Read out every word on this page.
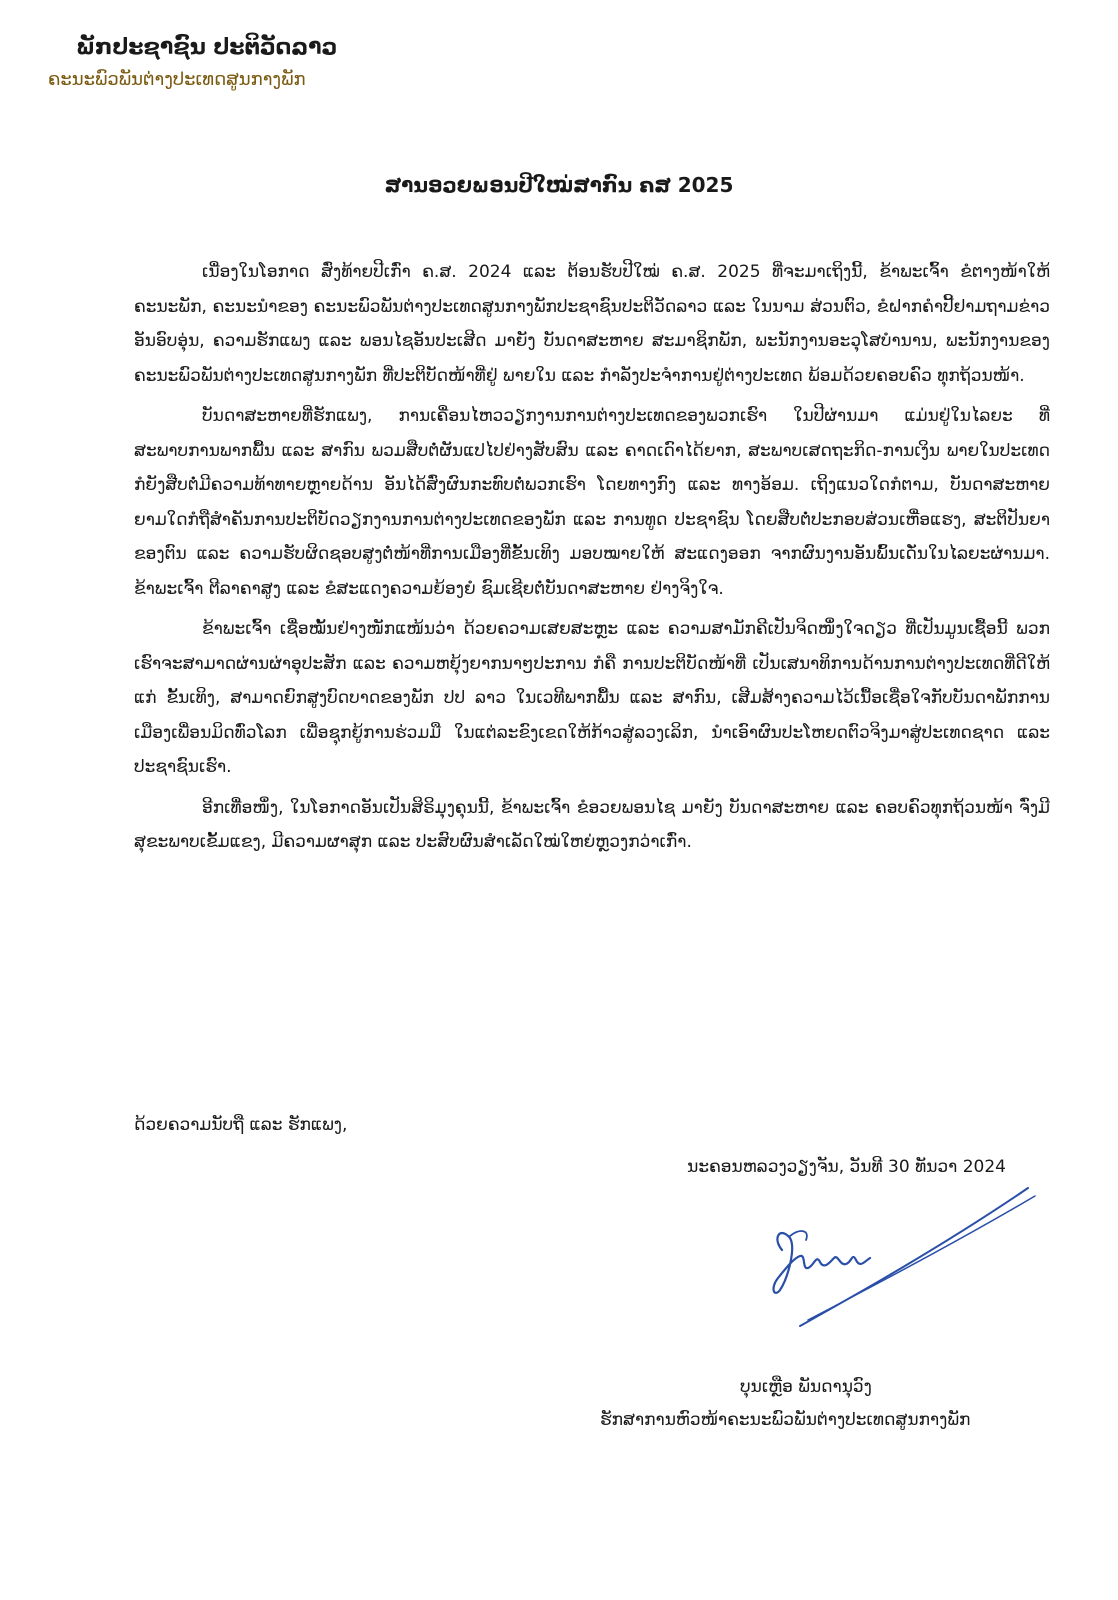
ພັກປະຊາຊົນ ປະຕິວັດລາວ
ຄະນະພົວພັນຕ່າງປະເທດສູນກາງພັກ
ສານອວຍພອນປີໃໝ່ສາກົນ ຄສ 2025

ເນື່ອງໃນໂອກາດ ສົ່ງທ້າຍປີເກົ່າ ຄ.ສ. 2024 ແລະ ຕ້ອນຮັບປີໃໝ່ ຄ.ສ. 2025 ທີ່ຈະມາເຖິງນີ້, ຂ້າພະເຈົ້າ ຂໍຕາງໜ້າໃຫ້ຄະນະພັກ, ຄະນະນຳຂອງ ຄະນະພົວພັນຕ່າງປະເທດສູນກາງພັກປະຊາຊົນປະຕິວັດລາວ ແລະ ໃນນາມ ສ່ວນຕົວ, ຂໍຝາກຄຳປີ້ຢາມຖາມຂ່າວອັນອົບອຸ່ນ, ຄວາມຮັກແພງ ແລະ ພອນໄຊອັນປະເສີດ ມາຍັງ ບັນດາສະຫາຍ ສະມາຊິກພັກ, ພະນັກງານອະວຸໂສບໍານານ, ພະນັກງານຂອງຄະນະພົວພັນຕ່າງປະເທດສູນກາງພັກ ທີ່ປະຕິບັດໜ້າທີ່ຢູ່ ພາຍໃນ ແລະ ກຳລັງປະຈຳການຢູ່ຕ່າງປະເທດ ພ້ອມດ້ວຍຄອບຄົວ ທຸກຖ້ວນໜ້າ.

ບັນດາສະຫາຍທີ່ຮັກແພງ, ການເຄື່ອນໄຫວວຽກງານການຕ່າງປະເທດຂອງພວກເຮົາ ໃນປີຜ່ານມາ ແມ່ນຢູ່ໃນໄລຍະ ທີ່ສະພາບການພາກພື້ນ ແລະ ສາກົນ ພວມສືບຕໍ່ຜັນແປໄປຢ່າງສັບສົນ ແລະ ຄາດເດົາໄດ້ຍາກ, ສະພາບເສດຖະກິດ-ການເງິນ ພາຍໃນປະເທດ ກໍຍັງສືບຕໍ່ມີຄວາມທ້າທາຍຫຼາຍດ້ານ ອັນໄດ້ສົ່ງຜົນກະທົບຕໍ່ພວກເຮົາ ໂດຍທາງກົງ ແລະ ທາງອ້ອມ. ເຖິງແນວໃດກໍຕາມ, ບັນດາສະຫາຍ ຍາມໃດກໍຖືສຳຄັນການປະຕິບັດວຽກງານການຕ່າງປະເທດຂອງພັກ ແລະ ການທູດ ປະຊາຊົນ ໂດຍສືບຕໍ່ປະກອບສ່ວນເຫື່ອແຮງ, ສະຕິປັນຍາຂອງຕົນ ແລະ ຄວາມຮັບຜິດຊອບສູງຕໍ່ໜ້າທີ່ການເມືອງທີ່ຂັ້ນເທິງ ມອບໝາຍໃຫ້ ສະແດງອອກ ຈາກຜົນງານອັນພົ້ນເດັ່ນໃນໄລຍະຜ່ານມາ. ຂ້າພະເຈົ້າ ຕີລາຄາສູງ ແລະ ຂໍສະແດງຄວາມຍ້ອງຍໍ ຊົມເຊີຍຕໍ່ບັນດາສະຫາຍ ຢ່າງຈິງໃຈ.

ຂ້າພະເຈົ້າ ເຊື່ອໝັ້ນຢ່າງໜັກແໜ້ນວ່າ ດ້ວຍຄວາມເສຍສະຫຼະ ແລະ ຄວາມສາມັກຄີເປັນຈິດໜຶ່ງໃຈດຽວ ທີ່ເປັນມູນເຊື້ອນີ້ ພວກເຮົາຈະສາມາດຜ່ານຜ່າອຸປະສັກ ແລະ ຄວາມຫຍຸ້ງຍາກນາໆປະການ ກໍຄື ການປະຕິບັດໜ້າທີ່ ເປັນເສນາທິການດ້ານການຕ່າງປະເທດທີ່ດີໃຫ້ແກ່ ຂັ້ນເທິງ, ສາມາດຍົກສູງບົດບາດຂອງພັກ ປປ ລາວ ໃນເວທີພາກພື້ນ ແລະ ສາກົນ, ເສີມສ້າງຄວາມໄວ້ເນື້ອເຊື່ອໃຈກັບບັນດາພັກການເມືອງເພື່ອນມິດທົ່ວໂລກ ເພື່ອຊຸກຍູ້ການຮ່ວມມື ໃນແຕ່ລະຂົງເຂດໃຫ້ກ້າວສູ່ລວງເລິກ, ນຳເອົາຜົນປະໂຫຍດຕົວຈິງມາສູ່ປະເທດຊາດ ແລະ ປະຊາຊົນເຮົາ.

ອີກເທື່ອໜຶ່ງ, ໃນໂອກາດອັນເປັນສິຣິມຸງຄຸນນີ້, ຂ້າພະເຈົ້າ ຂໍອວຍພອນໄຊ ມາຍັງ ບັນດາສະຫາຍ ແລະ ຄອບຄົວທຸກຖ້ວນໜ້າ ຈົ່ງມີສຸຂະພາບເຂັ້ມແຂງ, ມີຄວາມຜາສຸກ ແລະ ປະສົບຜົນສຳເລັດໃໝ່ໃຫຍ່ຫຼວງກວ່າເກົ່າ.

ດ້ວຍຄວາມນັບຖື ແລະ ຮັກແພງ,
ນະຄອນຫລວງວຽງຈັນ, ວັນທີ 30 ທັນວາ 2024
ບຸນເຫຼືອ ພັນດານຸວົງ
ຮັກສາການຫົວໜ້າຄະນະພົວພັນຕ່າງປະເທດສູນກາງພັກ
